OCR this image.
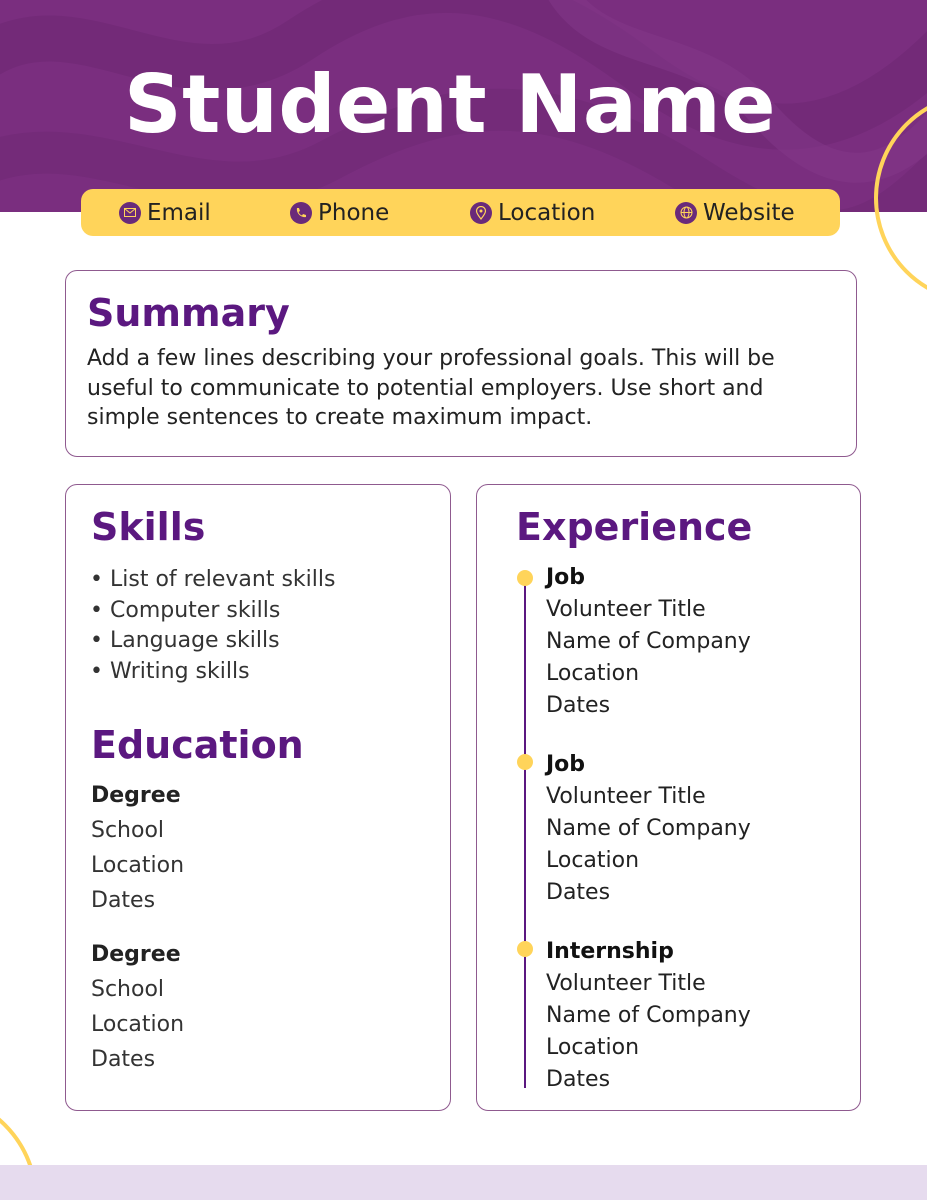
Student Name
Email	Phone	Location	Website
Summary
Add a few lines describing your professional goals. This will be
useful to communicate to potential employers. Use short and
simple sentences to create maximum impact.
Skills
• List of relevant skills
• Computer skills
• Language skills
• Writing skills
Education
Degree
School
Location
Dates
Degree
School
Location
Dates
Experience
Job
Volunteer Title
Name of Company
Location
Dates
Job
Volunteer Title
Name of Company
Location
Dates
Internship
Volunteer Title
Name of Company
Location
Dates
